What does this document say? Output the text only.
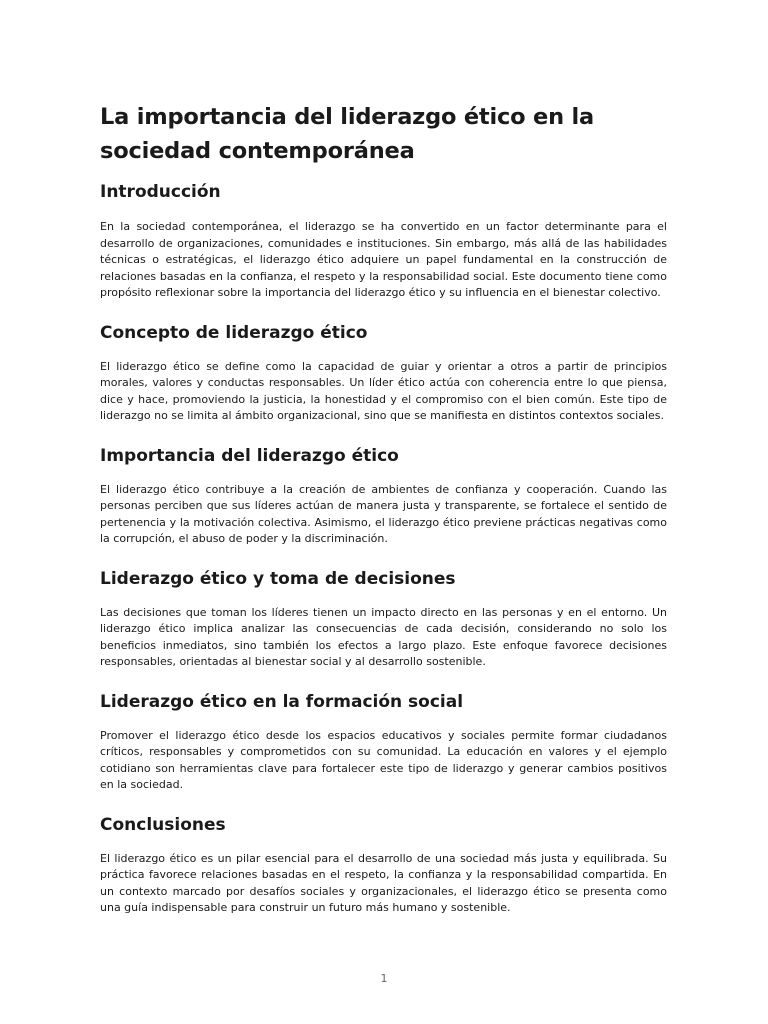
La importancia del liderazgo ético en la sociedad contemporánea
Introducción

En la sociedad contemporánea, el liderazgo se ha convertido en un factor determinante para el desarrollo de organizaciones, comunidades e instituciones. Sin embargo, más allá de las habilidades técnicas o estratégicas, el liderazgo ético adquiere un papel fundamental en la construcción de relaciones basadas en la confianza, el respeto y la responsabilidad social. Este documento tiene como propósito reflexionar sobre la importancia del liderazgo ético y su influencia en el bienestar colectivo.

Concepto de liderazgo ético

El liderazgo ético se define como la capacidad de guiar y orientar a otros a partir de principios morales, valores y conductas responsables. Un líder ético actúa con coherencia entre lo que piensa, dice y hace, promoviendo la justicia, la honestidad y el compromiso con el bien común. Este tipo de liderazgo no se limita al ámbito organizacional, sino que se manifiesta en distintos contextos sociales.

Importancia del liderazgo ético

El liderazgo ético contribuye a la creación de ambientes de confianza y cooperación. Cuando las personas perciben que sus líderes actúan de manera justa y transparente, se fortalece el sentido de pertenencia y la motivación colectiva. Asimismo, el liderazgo ético previene prácticas negativas como la corrupción, el abuso de poder y la discriminación.

Liderazgo ético y toma de decisiones

Las decisiones que toman los líderes tienen un impacto directo en las personas y en el entorno. Un liderazgo ético implica analizar las consecuencias de cada decisión, considerando no solo los beneficios inmediatos, sino también los efectos a largo plazo. Este enfoque favorece decisiones responsables, orientadas al bienestar social y al desarrollo sostenible.

Liderazgo ético en la formación social

Promover el liderazgo ético desde los espacios educativos y sociales permite formar ciudadanos críticos, responsables y comprometidos con su comunidad. La educación en valores y el ejemplo cotidiano son herramientas clave para fortalecer este tipo de liderazgo y generar cambios positivos en la sociedad.

Conclusiones

El liderazgo ético es un pilar esencial para el desarrollo de una sociedad más justa y equilibrada. Su práctica favorece relaciones basadas en el respeto, la confianza y la responsabilidad compartida. En un contexto marcado por desafíos sociales y organizacionales, el liderazgo ético se presenta como una guía indispensable para construir un futuro más humano y sostenible.

1
